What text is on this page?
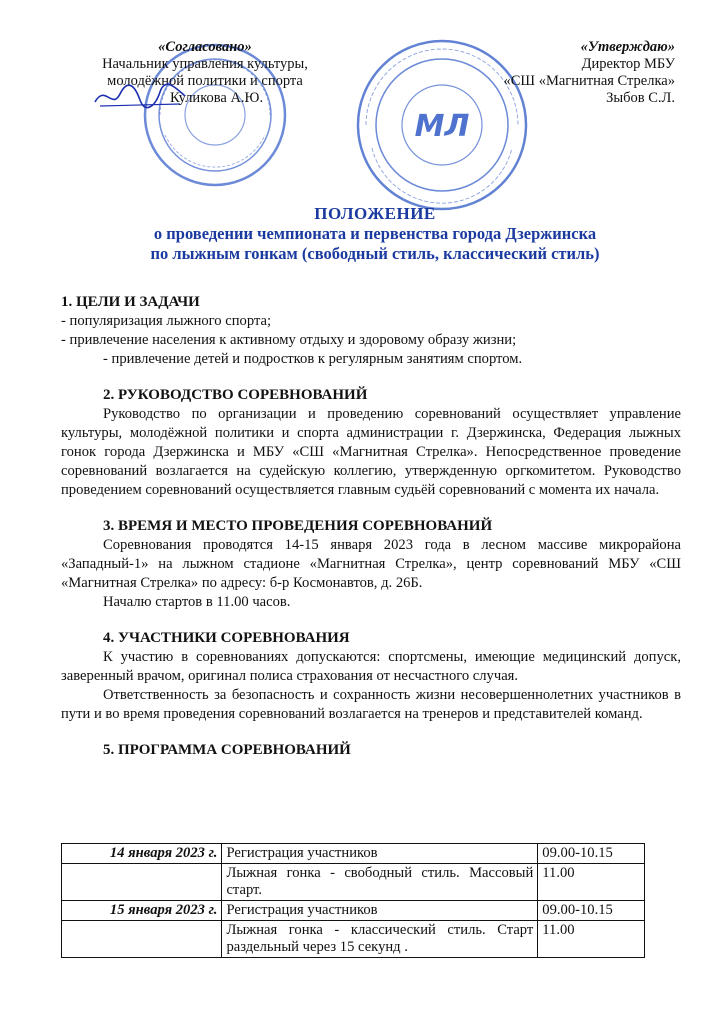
МЛ
«Согласовано»
Начальник управления культуры,
молодёжной политики и спорта
Куликова А.Ю.
«Утверждаю»
Директор МБУ
«СШ «Магнитная Стрелка»
Зыбов С.Л.
ПОЛОЖЕНИЕ
о проведении чемпионата и первенства города Дзержинска
по лыжным гонкам (свободный стиль, классический стиль)

1. ЦЕЛИ И ЗАДАЧИ

- популяризация лыжного спорта;

- привлечение населения к активному отдыху и здоровому образу жизни;

- привлечение детей и подростков к регулярным занятиям спортом.

2. РУКОВОДСТВО СОРЕВНОВАНИЙ

Руководство по организации и проведению соревнований осуществляет управление культуры, молодёжной политики и спорта администрации г. Дзержинска, Федерация лыжных гонок города Дзержинска и МБУ «СШ «Магнитная Стрелка». Непосредственное проведение соревнований возлагается на судейскую коллегию, утвержденную оргкомитетом. Руководство проведением соревнований осуществляется главным судьёй соревнований с момента их начала.

3. ВРЕМЯ И МЕСТО ПРОВЕДЕНИЯ СОРЕВНОВАНИЙ

Соревнования проводятся 14-15 января 2023 года в лесном массиве микрорайона «Западный-1» на лыжном стадионе «Магнитная Стрелка», центр соревнований МБУ «СШ «Магнитная Стрелка» по адресу: б-р Космонавтов, д. 26Б.

Началю стартов в 11.00 часов.

4. УЧАСТНИКИ СОРЕВНОВАНИЯ

К участию в соревнованиях допускаются: спортсмены, имеющие медицинский допуск, заверенный врачом, оригинал полиса страхования от несчастного случая.

Ответственность за безопасность и сохранность жизни несовершеннолетних участников в пути и во время проведения соревнований возлагается на тренеров и представителей команд.

5. ПРОГРАММА СОРЕВНОВАНИЙ

14 января 2023 г.	Регистрация участников	09.00-10.15
	Лыжная гонка - свободный стиль. Массовый старт.	11.00
15 января 2023 г.	Регистрация участников	09.00-10.15
	Лыжная гонка - классический стиль. Старт раздельный через 15 секунд .	11.00
